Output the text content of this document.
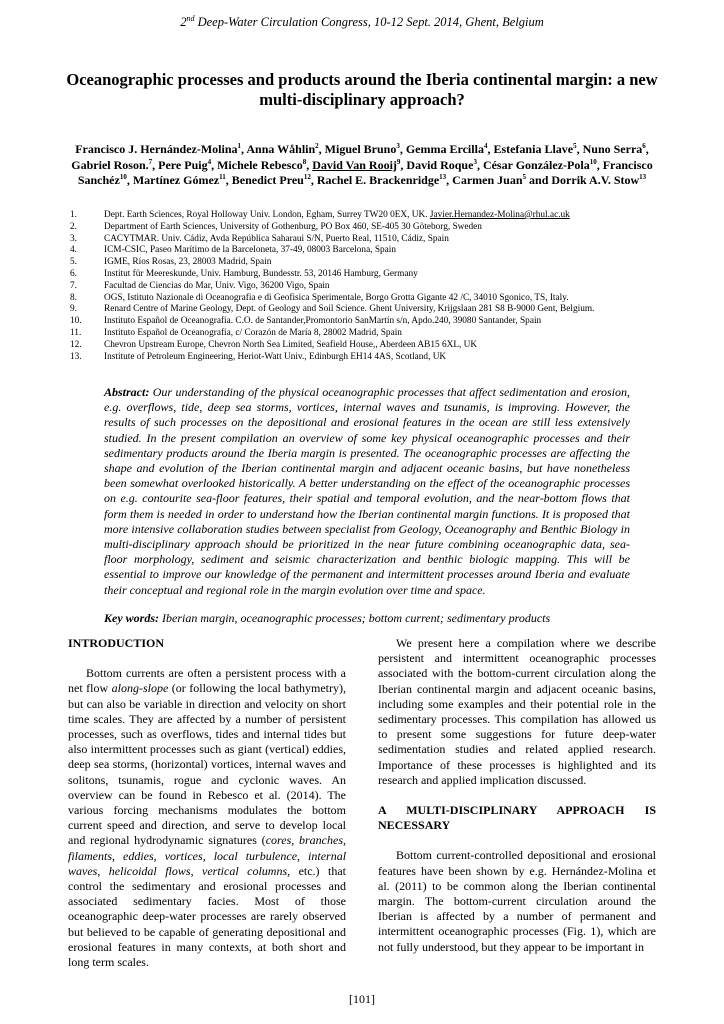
2nd Deep-Water Circulation Congress, 10-12 Sept. 2014, Ghent, Belgium
Oceanographic processes and products around the Iberia continental margin: a new multi-disciplinary approach?
Francisco J. Hernández-Molina$^1$, Anna Wåhlin$^2$, Miguel Bruno$^3$, Gemma Ercilla$^4$, Estefania Llave$^5$, Nuno Serra$^6$, Gabriel Roson.$^7$, Pere Puig$^4$, Michele Rebesco$^8$, David Van Rooij$^9$, David Roque$^3$, César González-Pola$^{10}$, Francisco Sanchéz$^{10}$, Martínez Gómez$^{11}$, Benedict Preu$^{12}$, Rachel E. Brackenridge$^{13}$, Carmen Juan$^5$ and Dorrik A.V. Stow$^{13}$
1.	Dept. Earth Sciences, Royal Holloway Univ. London, Egham, Surrey TW20 0EX, UK. Javier.Hernandez-Molina@rhul.ac.uk
2.	Department of Earth Sciences, University of Gothenburg, PO Box 460, SE-405 30 Göteborg, Sweden
3.	CACYTMAR. Univ. Cádiz, Avda República Saharaui S/N, Puerto Real, 11510, Cádiz, Spain
4.	ICM-CSIC, Paseo Marítimo de la Barceloneta, 37-49, 08003 Barcelona, Spain
5.	IGME, Ríos Rosas, 23, 28003 Madrid, Spain
6.	Institut für Meereskunde, Univ. Hamburg, Bundesstr. 53, 20146 Hamburg, Germany
7.	Facultad de Ciencias do Mar, Univ. Vigo, 36200 Vigo, Spain
8.	OGS, Istituto Nazionale di Oceanografia e di Geofisica Sperimentale, Borgo Grotta Gigante 42 /C, 34010 Sgonico, TS, Italy.
9.	Renard Centre of Marine Geology, Dept. of Geology and Soil Science. Ghent University, Krijgslaan 281 S8 B-9000 Gent, Belgium.
10.	Instituto Español de Oceanografía. C.O. de Santander,Promontorio SanMartín s/n, Apdo.240, 39080 Santander, Spain
11.	Instituto Español de Oceanografía, c/ Corazón de María 8, 28002 Madrid, Spain
12.	Chevron Upstream Europe, Chevron North Sea Limited, Seafield House,, Aberdeen AB15 6XL, UK
13.	Institute of Petroleum Engineering, Heriot-Watt Univ., Edinburgh EH14 4AS, Scotland, UK
Abstract: Our understanding of the physical oceanographic processes that affect sedimentation and erosion, e.g. overflows, tide, deep sea storms, vortices, internal waves and tsunamis, is improving. However, the results of such processes on the depositional and erosional features in the ocean are still less extensively studied. In the present compilation an overview of some key physical oceanographic processes and their sedimentary products around the Iberia margin is presented. The oceanographic processes are affecting the shape and evolution of the Iberian continental margin and adjacent oceanic basins, but have nonetheless been somewhat overlooked historically. A better understanding on the effect of the oceanographic processes on e.g. contourite sea-floor features, their spatial and temporal evolution, and the near-bottom flows that form them is needed in order to understand how the Iberian continental margin functions. It is proposed that more intensive collaboration studies between specialist from Geology, Oceanography and Benthic Biology in multi-disciplinary approach should be prioritized in the near future combining oceanographic data, sea-floor morphology, sediment and seismic characterization and benthic biologic mapping. This will be essential to improve our knowledge of the permanent and intermittent processes around Iberia and evaluate their conceptual and regional role in the margin evolution over time and space.
Key words: Iberian margin, oceanographic processes; bottom current; sedimentary products
INTRODUCTION

Bottom currents are often a persistent process with a net flow along-slope (or following the local bathymetry), but can also be variable in direction and velocity on short time scales. They are affected by a number of persistent processes, such as overflows, tides and internal tides but also intermittent processes such as giant (vertical) eddies, deep sea storms, (horizontal) vortices, internal waves and solitons, tsunamis, rogue and cyclonic waves. An overview can be found in Rebesco et al. (2014). The various forcing mechanisms modulates the bottom current speed and direction, and serve to develop local and regional hydrodynamic signatures (cores, branches, filaments, eddies, vortices, local turbulence, internal waves, helicoidal flows, vertical columns, etc.) that control the sedimentary and erosional processes and associated sedimentary facies. Most of those oceanographic deep-water processes are rarely observed but believed to be capable of generating depositional and erosional features in many contexts, at both short and long term scales.

We present here a compilation where we describe persistent and intermittent oceanographic processes associated with the bottom-current circulation along the Iberian continental margin and adjacent oceanic basins, including some examples and their potential role in the sedimentary processes. This compilation has allowed us to present some suggestions for future deep-water sedimentation studies and related applied research. Importance of these processes is highlighted and its research and applied implication discussed.

A MULTI-DISCIPLINARY APPROACH IS NECESSARY

Bottom current-controlled depositional and erosional features have been shown by e.g. Hernández-Molina et al. (2011) to be common along the Iberian continental margin. The bottom-current circulation around the Iberian is affected by a number of permanent and intermittent oceanographic processes (Fig. 1), which are not fully understood, but they appear to be important in

[101]
